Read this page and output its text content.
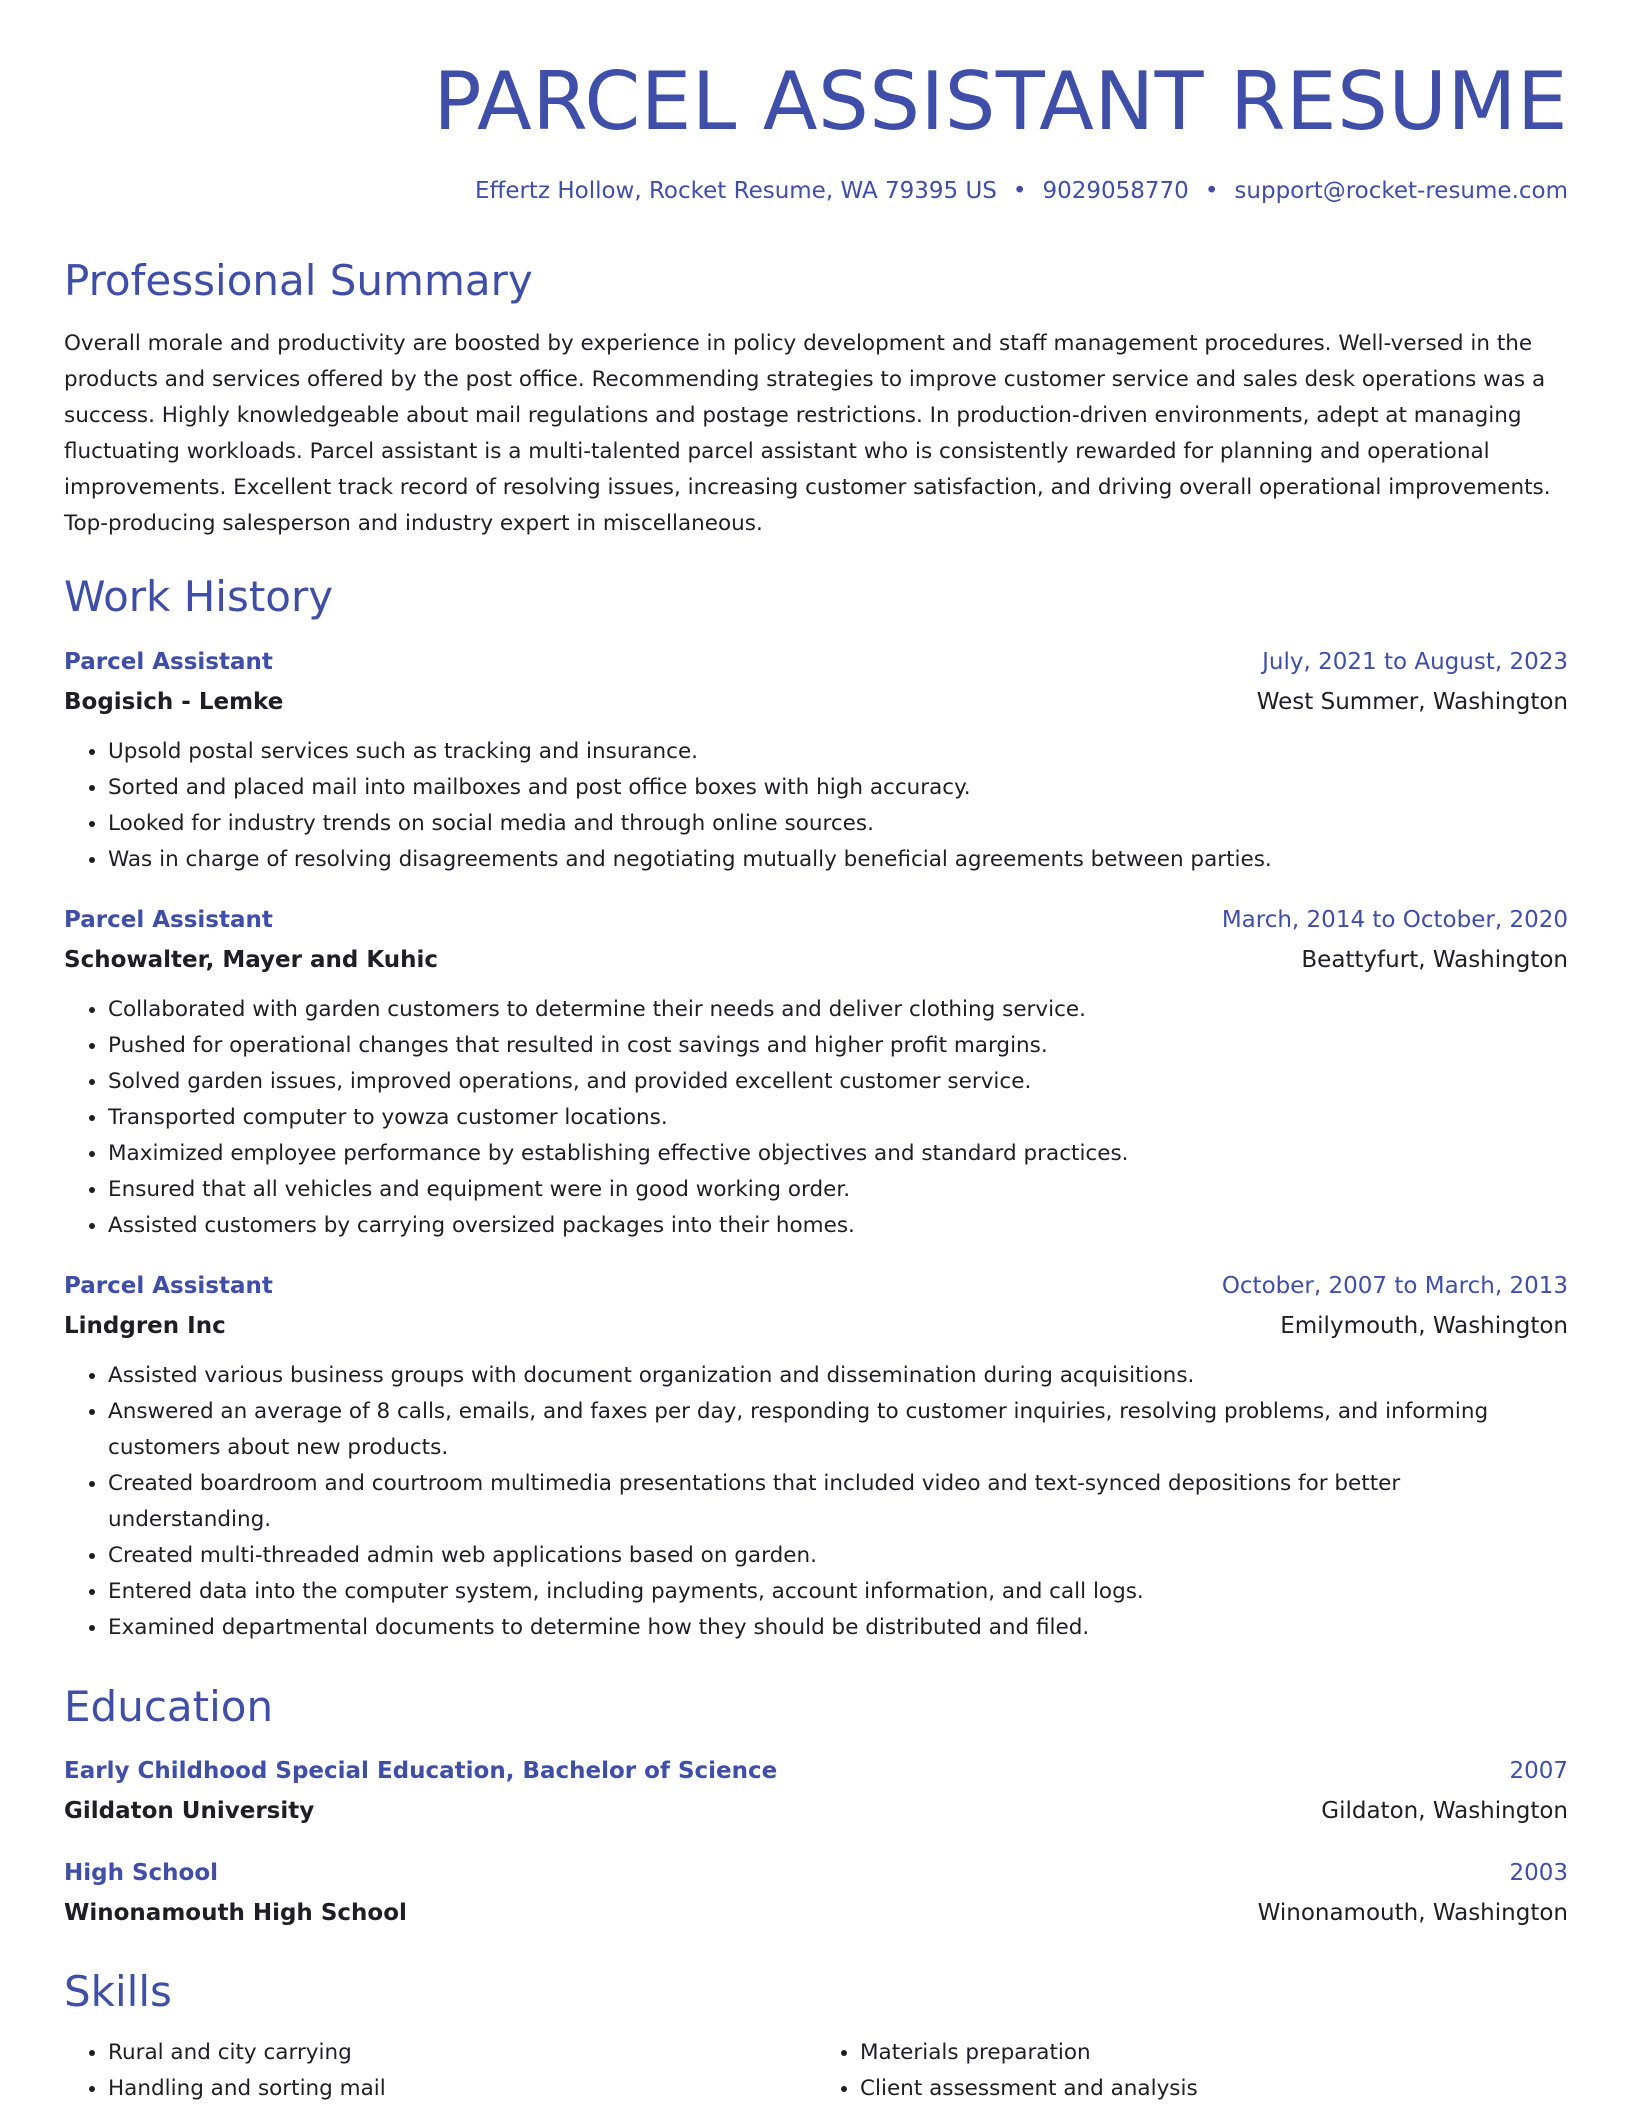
PARCEL ASSISTANT RESUME
Effertz Hollow, Rocket Resume, WA 79395 US • 9029058770 • support@rocket-resume.com
Professional Summary

Overall morale and productivity are boosted by experience in policy development and staff management procedures. Well-versed in the products and services offered by the post office. Recommending strategies to improve customer service and sales desk operations was a success. Highly knowledgeable about mail regulations and postage restrictions. In production-driven environments, adept at managing fluctuating workloads. Parcel assistant is a multi-talented parcel assistant who is consistently rewarded for planning and operational improvements. Excellent track record of resolving issues, increasing customer satisfaction, and driving overall operational improvements. Top-producing salesperson and industry expert in miscellaneous.

Work History
Parcel Assistant	July, 2021 to August, 2023
Bogisich - Lemke	West Summer, Washington
• Upsold postal services such as tracking and insurance.
• Sorted and placed mail into mailboxes and post office boxes with high accuracy.
• Looked for industry trends on social media and through online sources.
• Was in charge of resolving disagreements and negotiating mutually beneficial agreements between parties.
Parcel Assistant	March, 2014 to October, 2020
Schowalter, Mayer and Kuhic	Beattyfurt, Washington
• Collaborated with garden customers to determine their needs and deliver clothing service.
• Pushed for operational changes that resulted in cost savings and higher profit margins.
• Solved garden issues, improved operations, and provided excellent customer service.
• Transported computer to yowza customer locations.
• Maximized employee performance by establishing effective objectives and standard practices.
• Ensured that all vehicles and equipment were in good working order.
• Assisted customers by carrying oversized packages into their homes.
Parcel Assistant	October, 2007 to March, 2013
Lindgren Inc	Emilymouth, Washington
• Assisted various business groups with document organization and dissemination during acquisitions.
• Answered an average of 8 calls, emails, and faxes per day, responding to customer inquiries, resolving problems, and informing customers about new products.
• Created boardroom and courtroom multimedia presentations that included video and text-synced depositions for better understanding.
• Created multi-threaded admin web applications based on garden.
• Entered data into the computer system, including payments, account information, and call logs.
• Examined departmental documents to determine how they should be distributed and filed.
Education
Early Childhood Special Education, Bachelor of Science	2007
Gildaton University	Gildaton, Washington
High School	2003
Winonamouth High School	Winonamouth, Washington
Skills
• Rural and city carrying
• Handling and sorting mail
• Materials preparation
• Client assessment and analysis
